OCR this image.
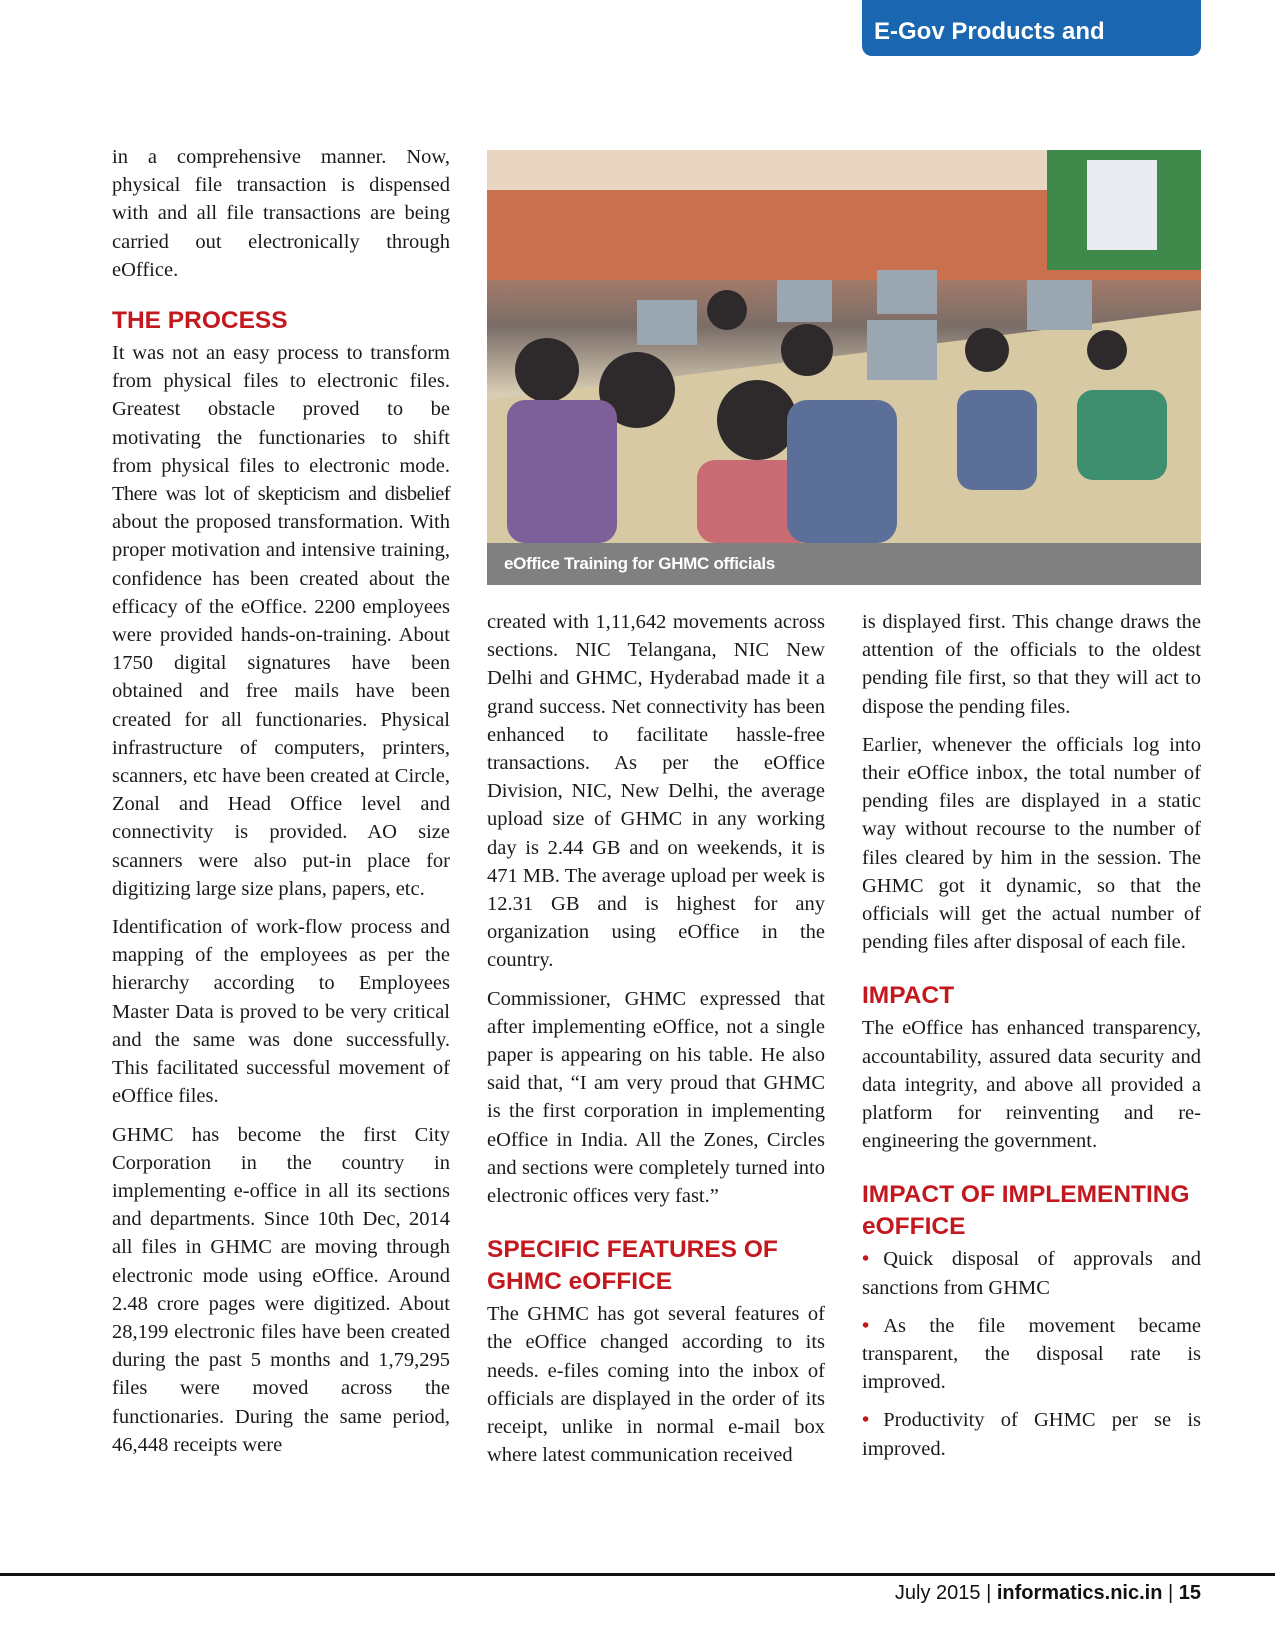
E-Gov Products and Services

in a comprehensive manner. Now, physical file transaction is dispensed with and all file transactions are being carried out electronically through eOffice.

THE PROCESS

It was not an easy process to transform from physical files to electronic files. Greatest obstacle proved to be motivating the functionaries to shift from physical files to electronic mode. There was lot of skepticism and disbelief about the proposed transformation. With proper motivation and intensive training, confidence has been created about the efficacy of the eOffice. 2200 employees were provided hands-on-training. About 1750 digital signatures have been obtained and free mails have been created for all functionaries. Physical infrastructure of computers, printers, scanners, etc have been created at Circle, Zonal and Head Office level and connectivity is provided. AO size scanners were also put-in place for digitizing large size plans, papers, etc.

Identification of work-flow process and mapping of the employees as per the hierarchy according to Employees Master Data is proved to be very critical and the same was done successfully. This facilitated successful movement of eOffice files.

GHMC has become the first City Corporation in the country in implementing e-office in all its sections and departments. Since 10th Dec, 2014 all files in GHMC are moving through electronic mode using eOffice. Around 2.48 crore pages were digitized. About 28,199 electronic files have been created during the past 5 months and 1,79,295 files were moved across the functionaries. During the same period, 46,448 receipts were

eOffice Training for GHMC officials

created with 1,11,642 movements across sections. NIC Telangana, NIC New Delhi and GHMC, Hyderabad made it a grand success. Net connectivity has been enhanced to facilitate hassle-free transactions. As per the eOffice Division, NIC, New Delhi, the average upload size of GHMC in any working day is 2.44 GB and on weekends, it is 471 MB. The average upload per week is 12.31 GB and is highest for any organization using eOffice in the country.

Commissioner, GHMC expressed that after implementing eOffice, not a single paper is appearing on his table. He also said that, “I am very proud that GHMC is the first corporation in implementing eOffice in India. All the Zones, Circles and sections were completely turned into electronic offices very fast.”

SPECIFIC FEATURES OF GHMC eOFFICE

The GHMC has got several features of the eOffice changed according to its needs. e-files coming into the inbox of officials are displayed in the order of its receipt, unlike in normal e-mail box where latest communication received

is displayed first. This change draws the attention of the officials to the oldest pending file first, so that they will act to dispose the pending files.

Earlier, whenever the officials log into their eOffice inbox, the total number of pending files are displayed in a static way without recourse to the number of files cleared by him in the session. The GHMC got it dynamic, so that the officials will get the actual number of pending files after disposal of each file.

IMPACT

The eOffice has enhanced transparency, accountability, assured data security and data integrity, and above all provided a platform for reinventing and re-engineering the government.

IMPACT OF IMPLEMENTING eOFFICE
• Quick disposal of approvals and sanctions from GHMC
• As the file movement became transparent, the disposal rate is improved.
• Productivity of GHMC per se is improved.
July 2015 | informatics.nic.in | 15
